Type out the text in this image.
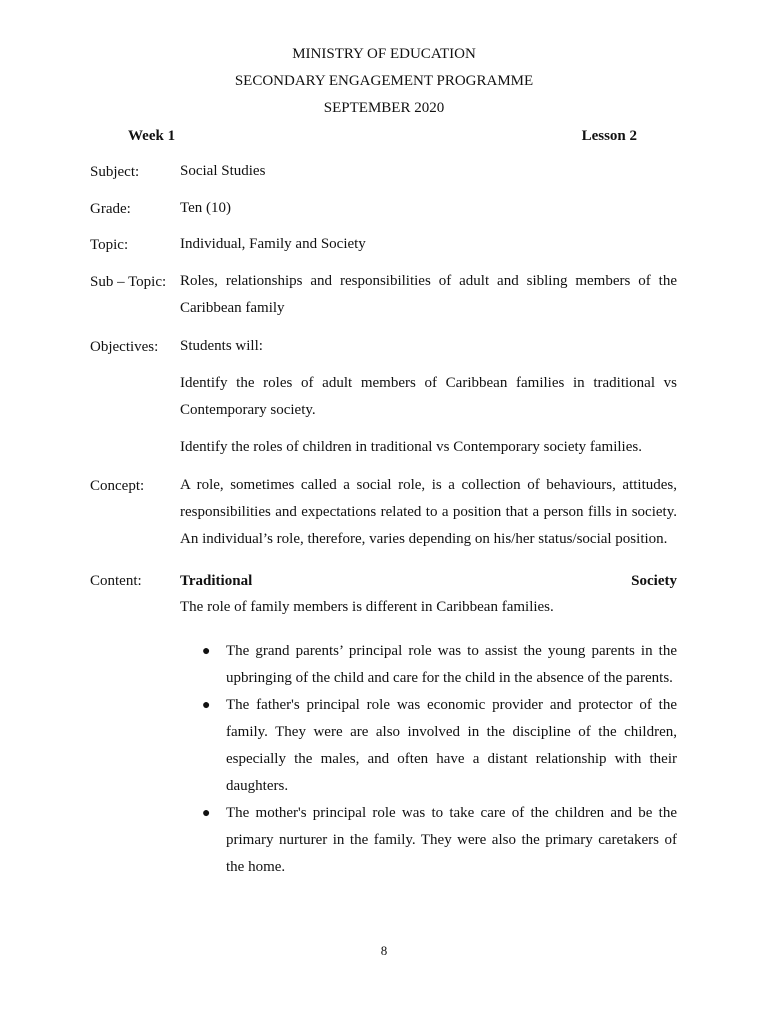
MINISTRY OF EDUCATION
SECONDARY ENGAGEMENT PROGRAMME
SEPTEMBER 2020
Week 1	Lesson 2
Subject:	Social Studies
Grade:	Ten (10)
Topic:	Individual, Family and Society
Sub – Topic: Roles, relationships and responsibilities of adult and sibling members of the Caribbean family
Objectives: Students will:
Identify the roles of adult members of Caribbean families in traditional vs Contemporary society.
Identify the roles of children in traditional vs Contemporary society families.
Concept: A role, sometimes called a social role, is a collection of behaviours, attitudes, responsibilities and expectations related to a position that a person fills in society. An individual’s role, therefore, varies depending on his/her status/social position.
Content:	Traditional	Society
The role of family members is different in Caribbean families.
● The grand parents’ principal role was to assist the young parents in the upbringing of the child and care for the child in the absence of the parents.
● The father's principal role was economic provider and protector of the family. They were are also involved in the discipline of the children, especially the males, and often have a distant relationship with their daughters.
● The mother's principal role was to take care of the children and be the primary nurturer in the family. They were also the primary caretakers of the home.
8
